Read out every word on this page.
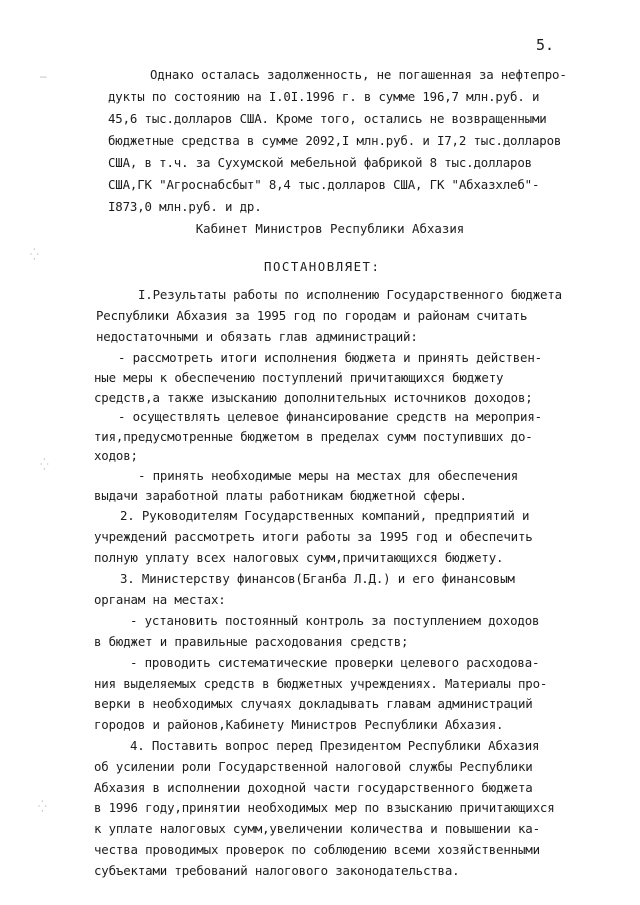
5.
̶
⁛
⁛
⁛
Однако осталась задолженность, не погашенная за нефтепро-
дукты по состоянию на I.0I.1996 г. в сумме 196,7 млн.руб. и
45,6 тыс.долларов США. Кроме того, остались не возвращенными
бюджетные средства в сумме 2092,I млн.руб. и I7,2 тыс.долларов
США, в т.ч. за Сухумской мебельной фабрикой 8 тыс.долларов
США,ГК "Агроснабсбыт" 8,4 тыс.долларов США, ГК "Абхазхлеб"-
I873,0 млн.руб. и др.
Кабинет Министров Республики Абхазия
ПОСТАНОВЛЯЕТ:
I.Результаты работы по исполнению Государственного бюджета
Республики Абхазия за 1995 год по городам и районам считать
недостаточными и обязать глав администраций:
- рассмотреть итоги исполнения бюджета и принять действен-
ные меры к обеспечению поступлений причитающихся бюджету
средств,а также изысканию дополнительных источников доходов;
- осуществлять целевое финансирование средств на мероприя-
тия,предусмотренные бюджетом в пределах сумм поступивших до-
ходов;
- принять необходимые меры на местах для обеспечения
выдачи заработной платы работникам бюджетной сферы.
2. Руководителям Государственных компаний, предприятий и
учреждений рассмотреть итоги работы за 1995 год и обеспечить
полную уплату всех налоговых сумм,причитающихся бюджету.
3. Министерству финансов(Бганба Л.Д.) и его финансовым
органам на местах:
- установить постоянный контроль за поступлением доходов
в бюджет и правильные расходования средств;
- проводить систематические проверки целевого расходова-
ния выделяемых средств в бюджетных учреждениях. Материалы про-
верки в необходимых случаях докладывать главам администраций
городов и районов,Кабинету Министров Республики Абхазия.
4. Поставить вопрос перед Президентом Республики Абхазия
об усилении роли Государственной налоговой службы Республики
Абхазия в исполнении доходной части государственного бюджета
в 1996 году,принятии необходимых мер по взысканию причитающихся
к уплате налоговых сумм,увеличении количества и повышении ка-
чества проводимых проверок по соблюдению всеми хозяйственными
субъектами требований налогового законодательства.
